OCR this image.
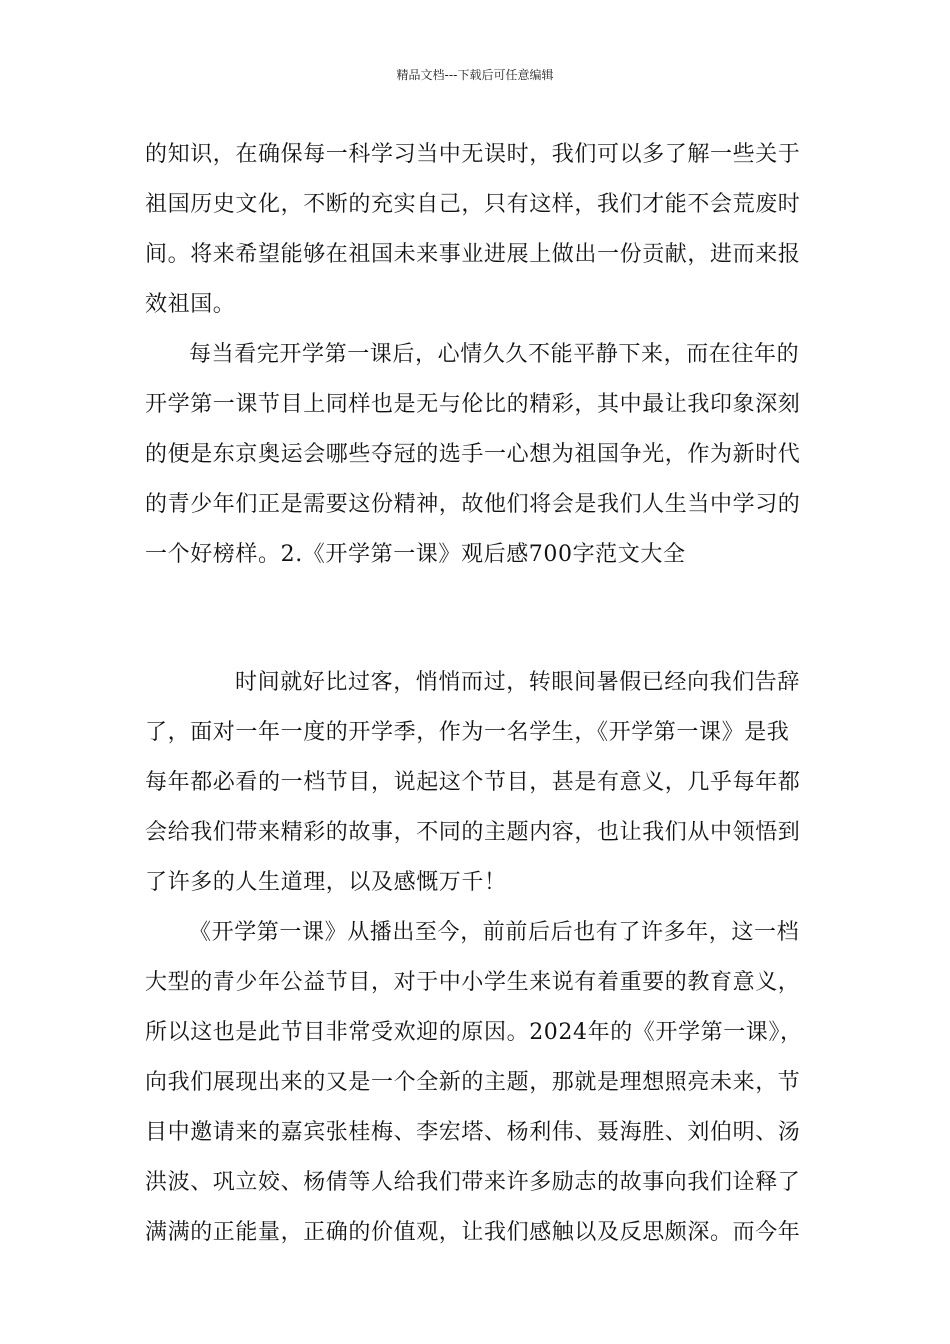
精品文档---下载后可任意编辑
的知识，在确保每一科学习当中无误时，我们可以多了解一些关于
祖国历史文化，不断的充实自己，只有这样，我们才能不会荒废时
间。将来希望能够在祖国未来事业进展上做出一份贡献，进而来报
效祖国。
每当看完开学第一课后，心情久久不能平静下来，而在往年的
开学第一课节目上同样也是无与伦比的精彩，其中最让我印象深刻
的便是东京奥运会哪些夺冠的选手一心想为祖国争光，作为新时代
的青少年们正是需要这份精神，故他们将会是我们人生当中学习的
一个好榜样。2.《开学第一课》观后感700字范文大全
时间就好比过客，悄悄而过，转眼间暑假已经向我们告辞
了，面对一年一度的开学季，作为一名学生，《开学第一课》是我
每年都必看的一档节目，说起这个节目，甚是有意义，几乎每年都
会给我们带来精彩的故事，不同的主题内容，也让我们从中领悟到
了许多的人生道理，以及感慨万千！
《开学第一课》从播出至今，前前后后也有了许多年，这一档
大型的青少年公益节目，对于中小学生来说有着重要的教育意义，
所以这也是此节目非常受欢迎的原因。2024年的《开学第一课》，
向我们展现出来的又是一个全新的主题，那就是理想照亮未来，节
目中邀请来的嘉宾张桂梅、李宏塔、杨利伟、聂海胜、刘伯明、汤
洪波、巩立姣、杨倩等人给我们带来许多励志的故事向我们诠释了
满满的正能量，正确的价值观，让我们感触以及反思颇深。而今年
